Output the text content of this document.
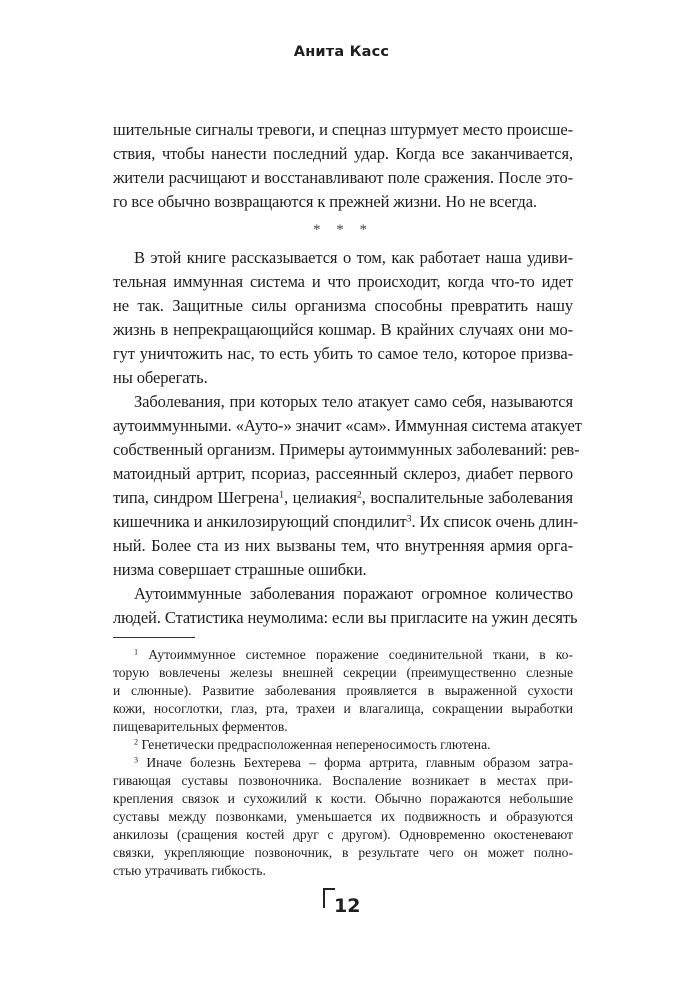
Анита Касс
шительные сигналы тревоги, и спецназ штурмует место происше-
ствия, чтобы нанести последний удар. Когда все заканчивается,
жители расчищают и восстанавливают поле сражения. После это-
го все обычно возвращаются к прежней жизни. Но не всегда.
* * *
В этой книге рассказывается о том, как работает наша удиви-
тельная иммунная система и что происходит, когда что-то идет
не так. Защитные силы организма способны превратить нашу
жизнь в непрекращающийся кошмар. В крайних случаях они мо-
гут уничтожить нас, то есть убить то самое тело, которое призва-
ны оберегать.
Заболевания, при которых тело атакует само себя, называются
аутоиммунными. «Ауто-» значит «сам». Иммунная система атакует
собственный организм. Примеры аутоиммунных заболеваний: рев-
матоидный артрит, псориаз, рассеянный склероз, диабет первого
типа, синдром Шегрена$^1$, целиакия$^2$, воспалительные заболевания
кишечника и анкилозирующий спондилит$^3$. Их список очень длин-
ный. Более ста из них вызваны тем, что внутренняя армия орга-
низма совершает страшные ошибки.
Аутоиммунные заболевания поражают огромное количество
людей. Статистика неумолима: если вы пригласите на ужин десять
$^1$ Аутоиммунное системное поражение соединительной ткани, в ко-
торую вовлечены железы внешней секреции (преимущественно слезные
и слюнные). Развитие заболевания проявляется в выраженной сухости
кожи, носоглотки, глаз, рта, трахеи и влагалища, сокращении выработки
пищеварительных ферментов.
$^2$ Генетически предрасположенная непереносимость глютена.
$^3$ Иначе болезнь Бехтерева – форма артрита, главным образом затра-
гивающая суставы позвоночника. Воспаление возникает в местах при-
крепления связок и сухожилий к кости. Обычно поражаются небольшие
суставы между позвонками, уменьшается их подвижность и образуются
анкилозы (сращения костей друг с другом). Одновременно окостеневают
связки, укрепляющие позвоночник, в результате чего он может полно-
стью утрачивать гибкость.
12
